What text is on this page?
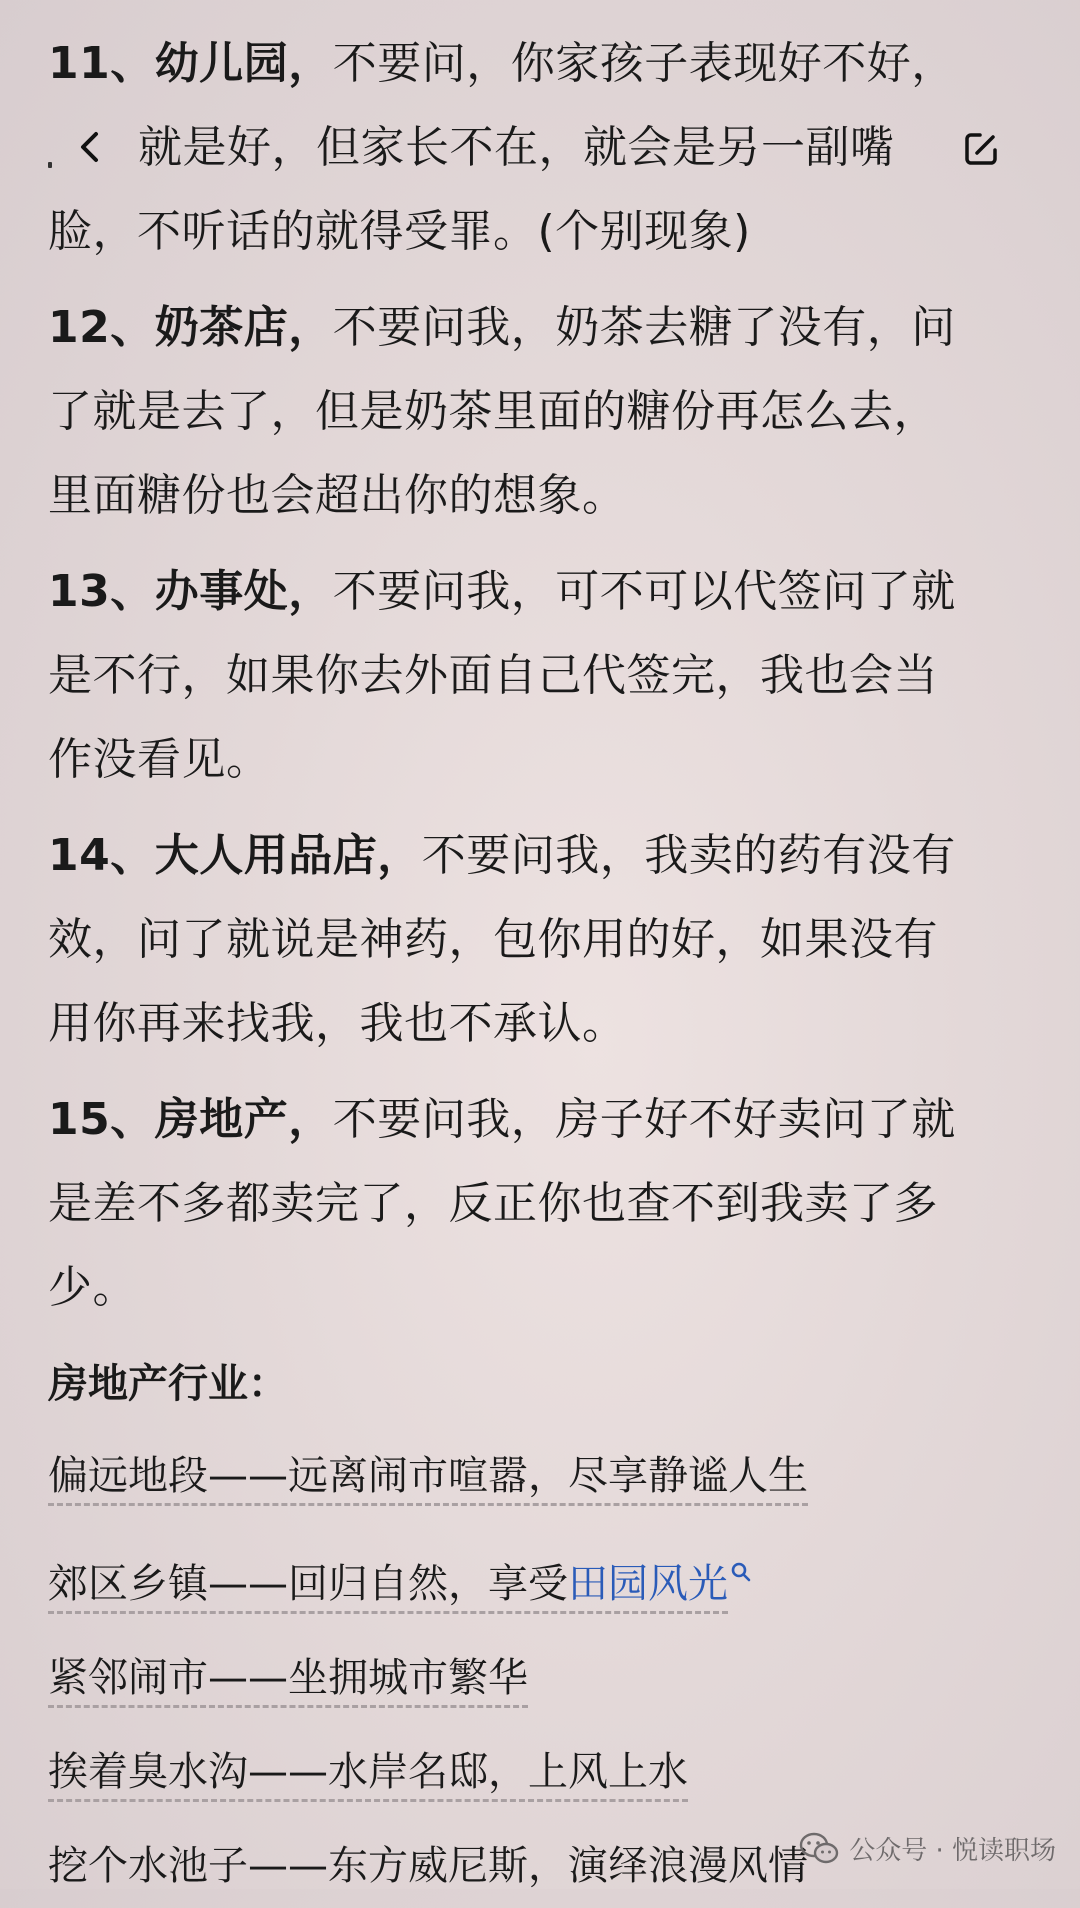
11、幼儿园，不要问，你家孩子表现好不好，
就是好，但家长不在，就会是另一副嘴
脸，不听话的就得受罪。(个别现象)
12、奶茶店，不要问我，奶茶去糖了没有，问
了就是去了，但是奶茶里面的糖份再怎么去，
里面糖份也会超出你的想象。
13、办事处，不要问我，可不可以代签问了就
是不行，如果你去外面自己代签完，我也会当
作没看见。
14、大人用品店，不要问我，我卖的药有没有
效，问了就说是神药，包你用的好，如果没有
用你再来找我，我也不承认。
15、房地产，不要问我，房子好不好卖问了就
是差不多都卖完了，反正你也查不到我卖了多
少。
房地产行业：
偏远地段——远离闹市喧嚣，尽享静谧人生
郊区乡镇——回归自然，享受田园风光
紧邻闹市——坐拥城市繁华
挨着臭水沟——水岸名邸，上风上水
挖个水池子——东方威尼斯，演绎浪漫风情	公众号 · 悦读职场
